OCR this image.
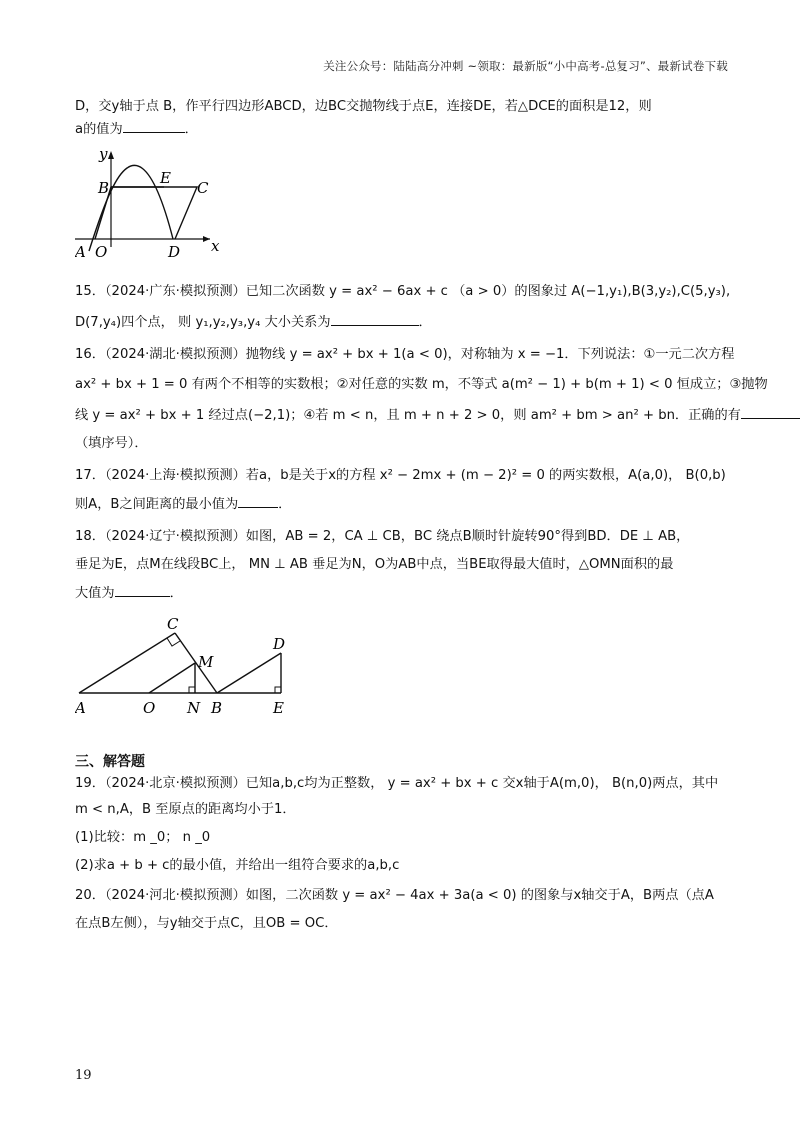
关注公众号：陆陆高分冲刺 ~领取：最新版“小中高考-总复习”、最新试卷下载
D，交y轴于点 B，作平行四边形ABCD，边BC交抛物线于点E，连接DE，若△DCE的面积是12，则
a的值为	．
y
x
B
E
C
A O	D
15．（2024·广东·模拟预测）已知二次函数 y = ax² − 6ax + c （a > 0）的图象过 A(−1,y₁),B(3,y₂),C(5,y₃),
D(7,y₄)四个点， 则 y₁,y₂,y₃,y₄ 大小关系为	．
16．（2024·湖北·模拟预测）抛物线 y = ax² + bx + 1(a < 0)，对称轴为 x = −1．下列说法：①一元二次方程
ax² + bx + 1 = 0 有两个不相等的实数根；②对任意的实数 m，不等式 a(m² − 1) + b(m + 1) < 0 恒成立；③抛物
线 y = ax² + bx + 1 经过点(−2,1)；④若 m < n，且 m + n + 2 > 0，则 am² + bm > an² + bn．正确的有
（填序号）．
17．（2024·上海·模拟预测）若a，b是关于x的方程 x² − 2mx + (m − 2)² = 0 的两实数根，A(a,0)， B(0,b)
则A，B之间距离的最小值为	．
18．（2024·辽宁·模拟预测）如图，AB = 2，CA ⊥ CB，BC 绕点B顺时针旋转90°得到BD．DE ⊥ AB，
垂足为E，点M在线段BC上， MN ⊥ AB 垂足为N，O为AB中点，当BE取得最大值时，△OMN面积的最
大值为	．
C
M
D
A	O N B	E
三、解答题
19．（2024·北京·模拟预测）已知a,b,c均为正整数， y = ax² + bx + c 交x轴于A(m,0)， B(n,0)两点，其中
m < n,A，B 至原点的距离均小于1．
(1)比较：m _0； n _0
(2)求a + b + c的最小值，并给出一组符合要求的a,b,c
20．（2024·河北·模拟预测）如图，二次函数 y = ax² − 4ax + 3a(a < 0) 的图象与x轴交于A，B两点（点A
在点B左侧），与y轴交于点C，且OB = OC．
19
